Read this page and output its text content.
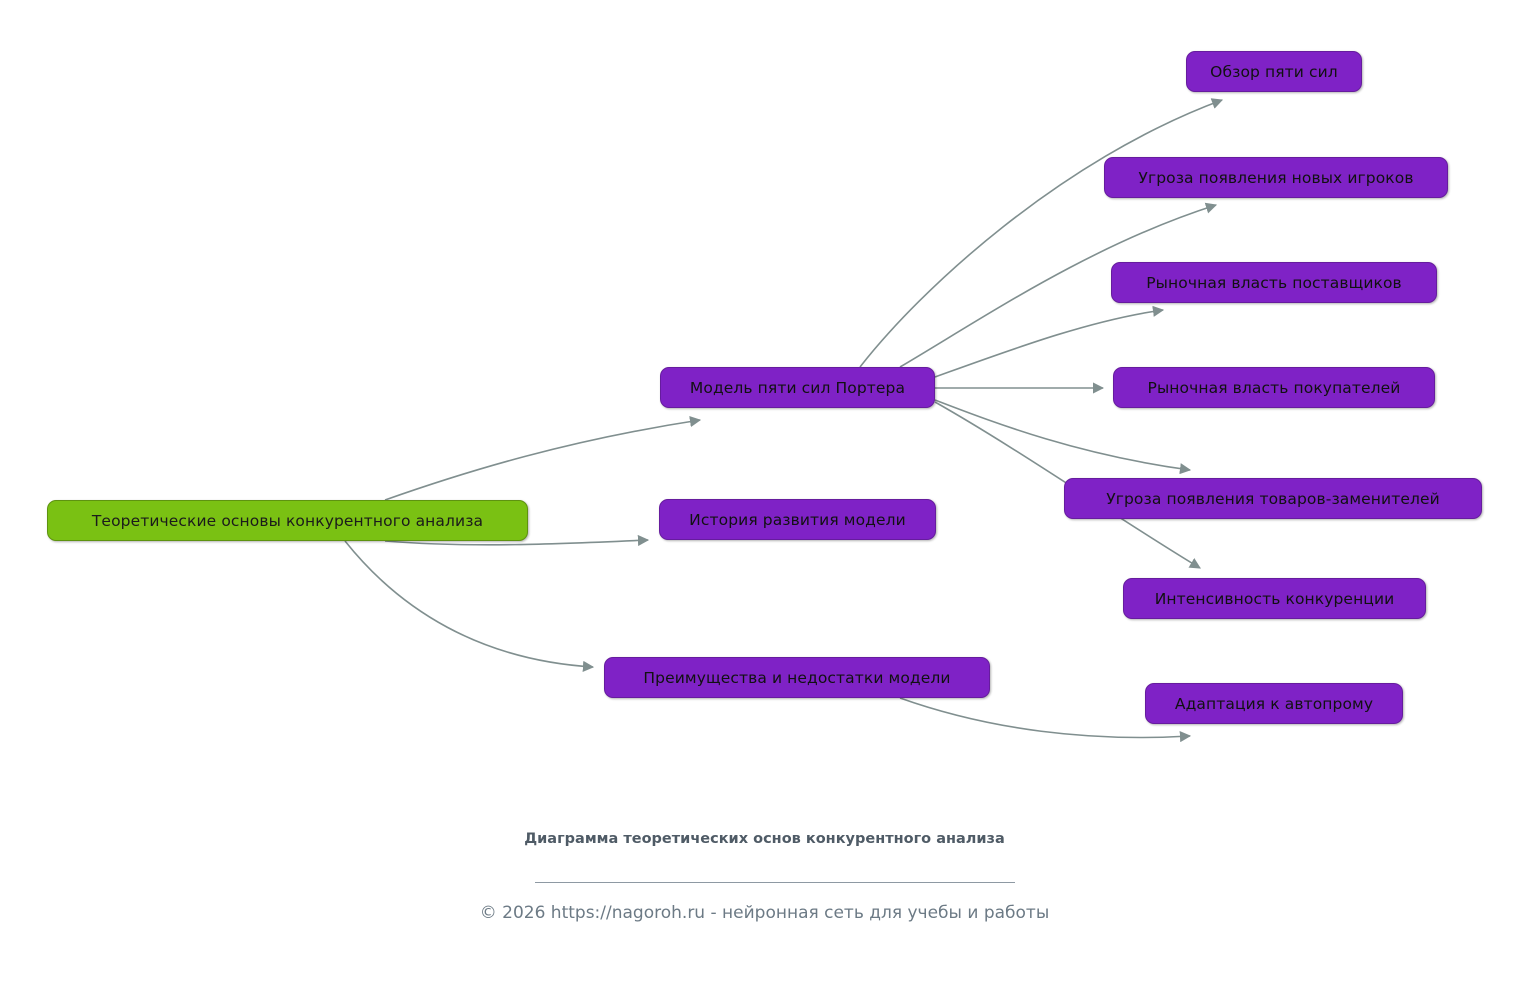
Теоретические основы конкурентного анализа
Модель пяти сил Портера
История развития модели
Преимущества и недостатки модели
Обзор пяти сил
Угроза появления новых игроков
Рыночная власть поставщиков
Рыночная власть покупателей
Угроза появления товаров-заменителей
Интенсивность конкуренции
Адаптация к автопрому
Диаграмма теоретических основ конкурентного анализа
© 2026 https://nagoroh.ru - нейронная сеть для учебы и работы
